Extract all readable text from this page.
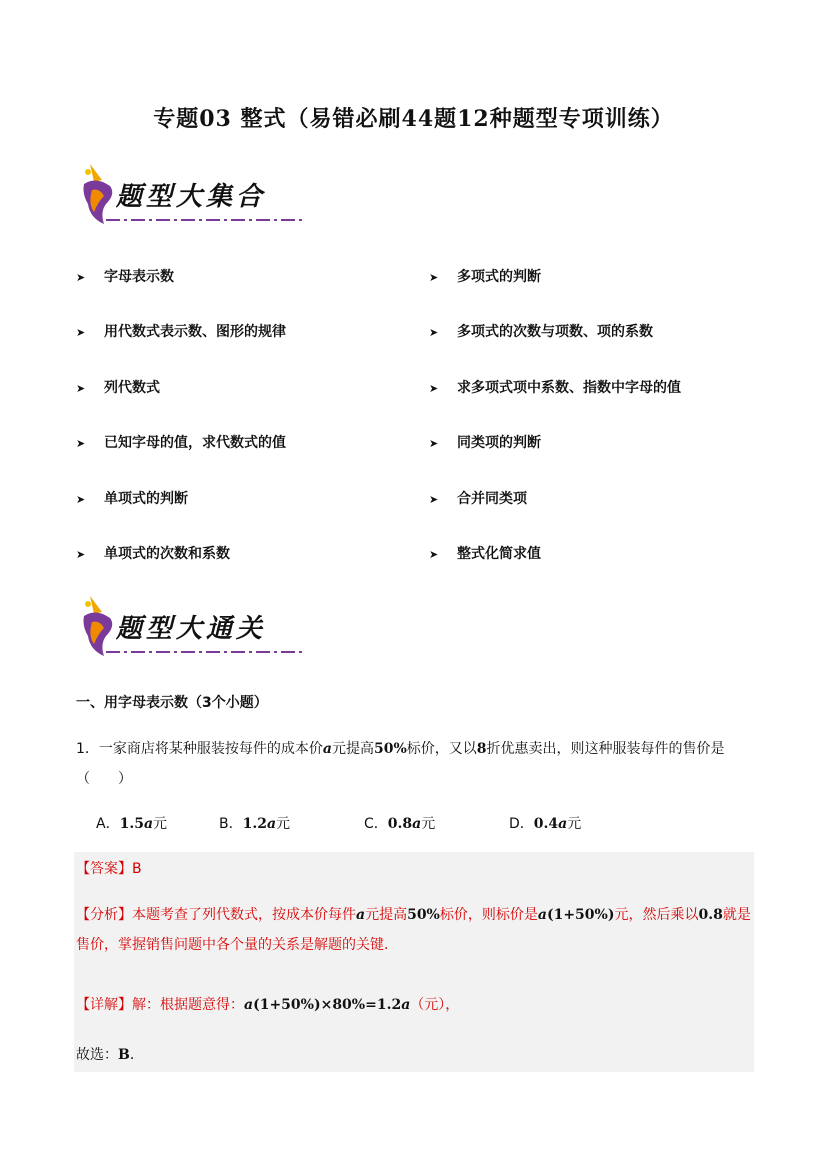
专题03 整式（易错必刷44题12种题型专项训练）
题型大集合
➤ 字母表示数
➤ 用代数式表示数、图形的规律
➤ 列代数式
➤ 已知字母的值，求代数式的值
➤ 单项式的判断
➤ 单项式的次数和系数
➤ 多项式的判断
➤ 多项式的次数与项数、项的系数
➤ 求多项式项中系数、指数中字母的值
➤ 同类项的判断
➤ 合并同类项
➤ 整式化简求值
题型大通关
一、用字母表示数（3个小题）
1．一家商店将某种服装按每件的成本价a元提高50%标价，又以8折优惠卖出，则这种服装每件的售价是
（　　）
A．1.5a元	B．1.2a元	C．0.8a元	D．0.4a元
【答案】B
【分析】本题考查了列代数式，按成本价每件a元提高50%标价，则标价是a(1+50%)元，然后乘以0.8就是售价，掌握销售问题中各个量的关系是解题的关键．
【详解】解：根据题意得：a(1+50%)×80%=1.2a（元），
故选：B．
